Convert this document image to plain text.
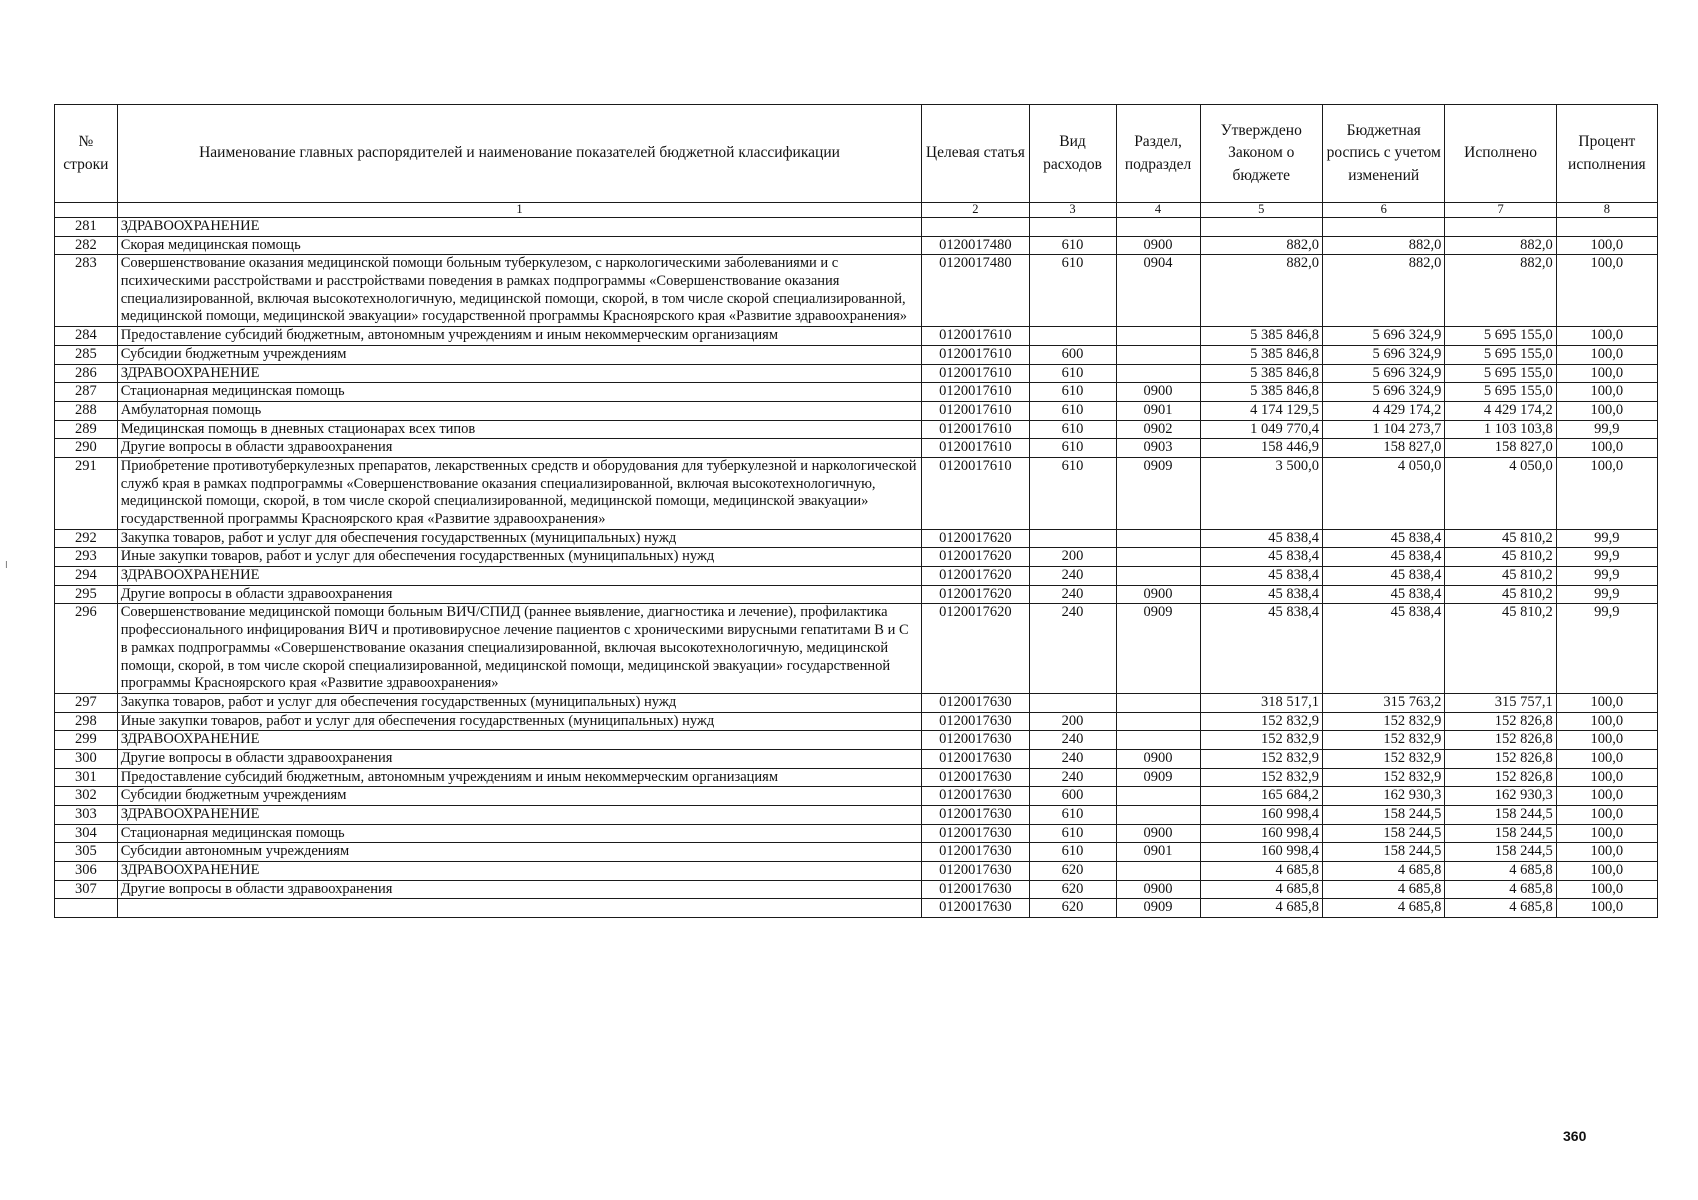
№ строки	Наименование главных распорядителей и наименование показателей бюджетной классификации	Целевая статья	Вид расходов	Раздел, подраздел	Утверждено Законом о бюджете	Бюджетная роспись с учетом изменений	Исполнено	Процент исполнения
	1	2	3	4	5	6	7	8
281	ЗДРАВООХРАНЕНИЕ							
282	Скорая медицинская помощь	0120017480	610	0900	882,0	882,0	882,0	100,0
283	Совершенствование оказания медицинской помощи больным туберкулезом, с наркологическими заболеваниями и с психическими расстройствами и расстройствами поведения в рамках подпрограммы «Совершенствование оказания специализированной, включая высокотехнологичную, медицинской помощи, скорой, в том числе скорой специализированной, медицинской помощи, медицинской эвакуации» государственной программы Красноярского края «Развитие здравоохранения»	0120017480	610	0904	882,0	882,0	882,0	100,0
284	Предоставление субсидий бюджетным, автономным учреждениям и иным некоммерческим организациям	0120017610			5 385 846,8	5 696 324,9	5 695 155,0	100,0
285	Субсидии бюджетным учреждениям	0120017610	600		5 385 846,8	5 696 324,9	5 695 155,0	100,0
286	ЗДРАВООХРАНЕНИЕ	0120017610	610		5 385 846,8	5 696 324,9	5 695 155,0	100,0
287	Стационарная медицинская помощь	0120017610	610	0900	5 385 846,8	5 696 324,9	5 695 155,0	100,0
288	Амбулаторная помощь	0120017610	610	0901	4 174 129,5	4 429 174,2	4 429 174,2	100,0
289	Медицинская помощь в дневных стационарах всех типов	0120017610	610	0902	1 049 770,4	1 104 273,7	1 103 103,8	99,9
290	Другие вопросы в области здравоохранения	0120017610	610	0903	158 446,9	158 827,0	158 827,0	100,0
291	Приобретение противотуберкулезных препаратов, лекарственных средств и оборудования для туберкулезной и наркологической служб края в рамках подпрограммы «Совершенствование оказания специализированной, включая высокотехнологичную, медицинской помощи, скорой, в том числе скорой специализированной, медицинской помощи, медицинской эвакуации» государственной программы Красноярского края «Развитие здравоохранения»	0120017610	610	0909	3 500,0	4 050,0	4 050,0	100,0
292	Закупка товаров, работ и услуг для обеспечения государственных (муниципальных) нужд	0120017620			45 838,4	45 838,4	45 810,2	99,9
293	Иные закупки товаров, работ и услуг для обеспечения государственных (муниципальных) нужд	0120017620	200		45 838,4	45 838,4	45 810,2	99,9
294	ЗДРАВООХРАНЕНИЕ	0120017620	240		45 838,4	45 838,4	45 810,2	99,9
295	Другие вопросы в области здравоохранения	0120017620	240	0900	45 838,4	45 838,4	45 810,2	99,9
296	Совершенствование медицинской помощи больным ВИЧ/СПИД (раннее выявление, диагностика и лечение), профилактика профессионального инфицирования ВИЧ и противовирусное лечение пациентов с хроническими вирусными гепатитами В и С в рамках подпрограммы «Совершенствование оказания специализированной, включая высокотехнологичную, медицинской помощи, скорой, в том числе скорой специализированной, медицинской помощи, медицинской эвакуации» государственной программы Красноярского края «Развитие здравоохранения»	0120017620	240	0909	45 838,4	45 838,4	45 810,2	99,9
297	Закупка товаров, работ и услуг для обеспечения государственных (муниципальных) нужд	0120017630			318 517,1	315 763,2	315 757,1	100,0
298	Иные закупки товаров, работ и услуг для обеспечения государственных (муниципальных) нужд	0120017630	200		152 832,9	152 832,9	152 826,8	100,0
299	ЗДРАВООХРАНЕНИЕ	0120017630	240		152 832,9	152 832,9	152 826,8	100,0
300	Другие вопросы в области здравоохранения	0120017630	240	0900	152 832,9	152 832,9	152 826,8	100,0
301	Предоставление субсидий бюджетным, автономным учреждениям и иным некоммерческим организациям	0120017630	240	0909	152 832,9	152 832,9	152 826,8	100,0
302	Субсидии бюджетным учреждениям	0120017630	600		165 684,2	162 930,3	162 930,3	100,0
303	ЗДРАВООХРАНЕНИЕ	0120017630	610		160 998,4	158 244,5	158 244,5	100,0
304	Стационарная медицинская помощь	0120017630	610	0900	160 998,4	158 244,5	158 244,5	100,0
305	Субсидии автономным учреждениям	0120017630	610	0901	160 998,4	158 244,5	158 244,5	100,0
306	ЗДРАВООХРАНЕНИЕ	0120017630	620		4 685,8	4 685,8	4 685,8	100,0
307	Другие вопросы в области здравоохранения	0120017630	620	0900	4 685,8	4 685,8	4 685,8	100,0
		0120017630	620	0909	4 685,8	4 685,8	4 685,8	100,0
I
360
